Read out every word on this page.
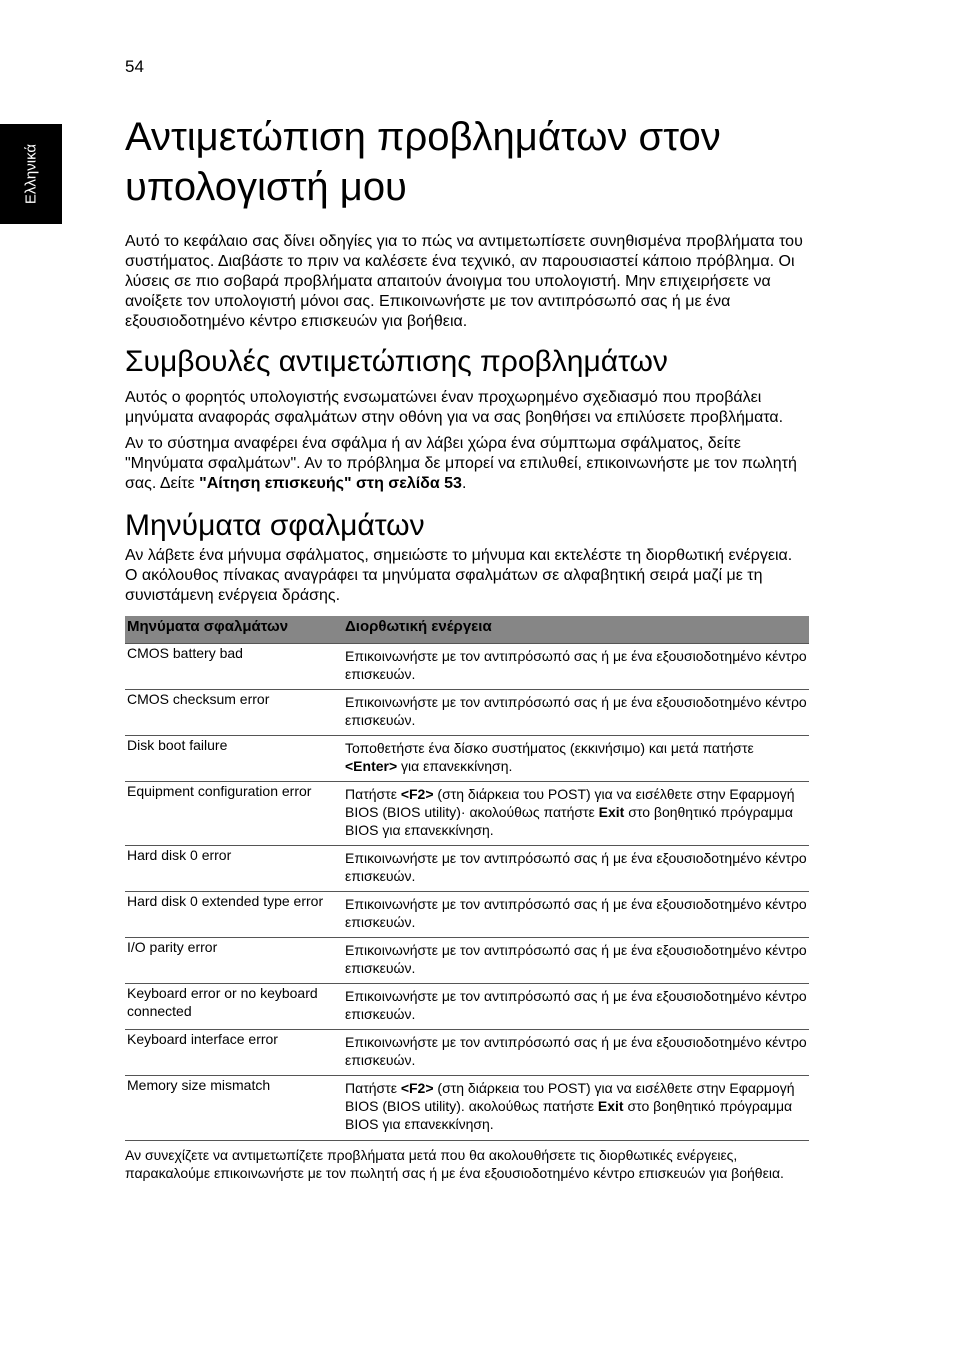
54
Ελληνικά
Αντιμετώπιση προβλημάτων στον υπολογιστή μου

Αυτό το κεφάλαιο σας δίνει οδηγίες για το πώς να αντιμετωπίσετε συνηθισμένα προβλήματα του συστήματος. Διαβάστε το πριν να καλέσετε ένα τεχνικό, αν παρουσιαστεί κάποιο πρόβλημα. Οι λύσεις σε πιο σοβαρά προβλήματα απαιτούν άνοιγμα του υπολογιστή. Μην επιχειρήσετε να ανοίξετε τον υπολογιστή μόνοι σας. Επικοινωνήστε με τον αντιπρόσωπό σας ή με ένα εξουσιοδοτημένο κέντρο επισκευών για βοήθεια.

Συμβουλές αντιμετώπισης προβλημάτων

Αυτός ο φορητός υπολογιστής ενσωματώνει έναν προχωρημένο σχεδιασμό που προβάλει μηνύματα αναφοράς σφαλμάτων στην οθόνη για να σας βοηθήσει να επιλύσετε προβλήματα.

Αν το σύστημα αναφέρει ένα σφάλμα ή αν λάβει χώρα ένα σύμπτωμα σφάλματος, δείτε "Μηνύματα σφαλμάτων". Αν το πρόβλημα δε μπορεί να επιλυθεί, επικοινωνήστε με τον πωλητή σας. Δείτε "Αίτηση επισκευής" στη σελίδα 53.

Μηνύματα σφαλμάτων

Αν λάβετε ένα μήνυμα σφάλματος, σημειώστε το μήνυμα και εκτελέστε τη διορθωτική ενέργεια. Ο ακόλουθος πίνακας αναγράφει τα μηνύματα σφαλμάτων σε αλφαβητική σειρά μαζί με τη συνιστάμενη ενέργεια δράσης.

Μηνύματα σφαλμάτων	Διορθωτική ενέργεια
CMOS battery bad	Επικοινωνήστε με τον αντιπρόσωπό σας ή με ένα εξουσιοδοτημένο κέντρο επισκευών.
CMOS checksum error	Επικοινωνήστε με τον αντιπρόσωπό σας ή με ένα εξουσιοδοτημένο κέντρο επισκευών.
Disk boot failure	Τοποθετήστε ένα δίσκο συστήματος (εκκινήσιμο) και μετά πατήστε <Enter> για επανεκκίνηση.
Equipment configuration error	Πατήστε <F2> (στη διάρκεια του POST) για να εισέλθετε στην Εφαρμογή BIOS (BIOS utility)· ακολούθως πατήστε Exit στο βοηθητικό πρόγραμμα BIOS για επανεκκίνηση.
Hard disk 0 error	Επικοινωνήστε με τον αντιπρόσωπό σας ή με ένα εξουσιοδοτημένο κέντρο επισκευών.
Hard disk 0 extended type error	Επικοινωνήστε με τον αντιπρόσωπό σας ή με ένα εξουσιοδοτημένο κέντρο επισκευών.
I/O parity error	Επικοινωνήστε με τον αντιπρόσωπό σας ή με ένα εξουσιοδοτημένο κέντρο επισκευών.
Keyboard error or no keyboard connected	Επικοινωνήστε με τον αντιπρόσωπό σας ή με ένα εξουσιοδοτημένο κέντρο επισκευών.
Keyboard interface error	Επικοινωνήστε με τον αντιπρόσωπό σας ή με ένα εξουσιοδοτημένο κέντρο επισκευών.
Memory size mismatch	Πατήστε <F2> (στη διάρκεια του POST) για να εισέλθετε στην Εφαρμογή BIOS (BIOS utility). ακολούθως πατήστε Exit στο βοηθητικό πρόγραμμα BIOS για επανεκκίνηση.
Αν συνεχίζετε να αντιμετωπίζετε προβλήματα μετά που θα ακολουθήσετε τις διορθωτικές ενέργειες, παρακαλούμε επικοινωνήστε με τον πωλητή σας ή με ένα εξουσιοδοτημένο κέντρο επισκευών για βοήθεια.
